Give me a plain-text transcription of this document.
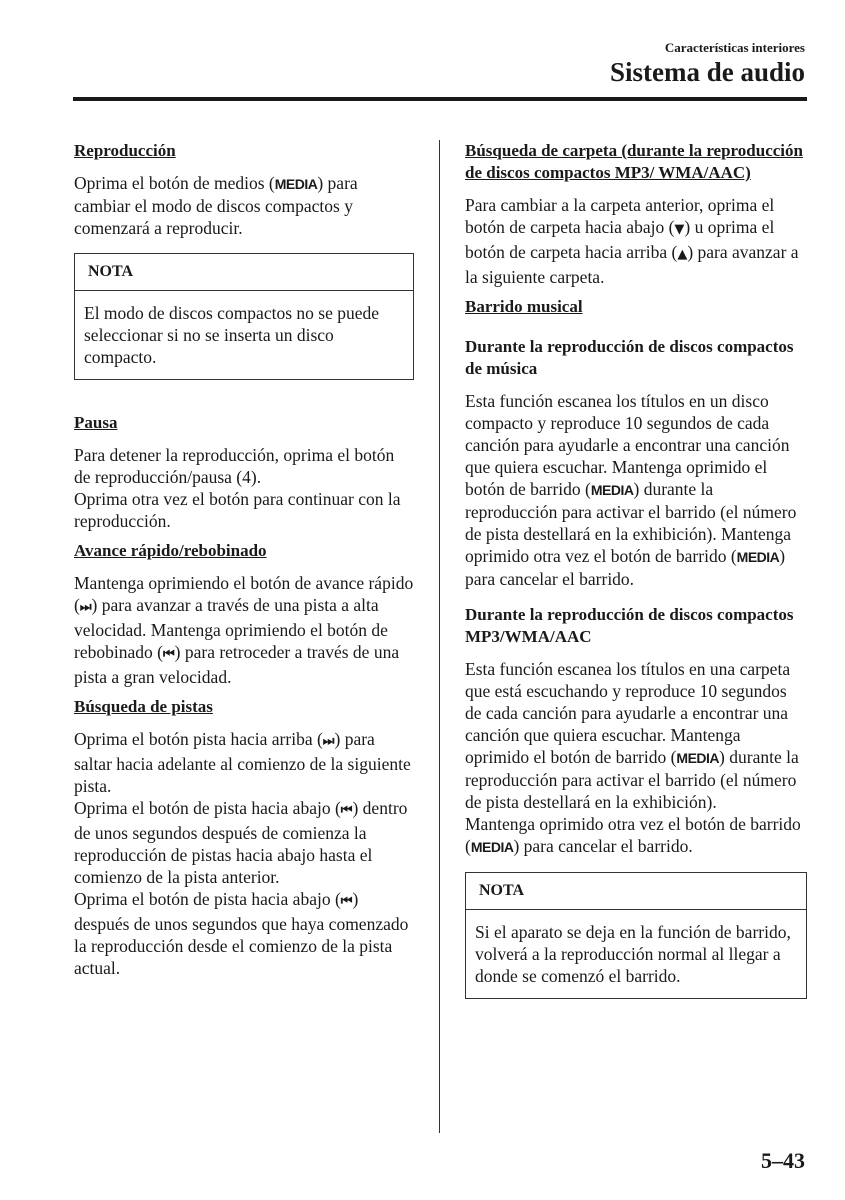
Características interiores
Sistema de audio
Reproducción

Oprima el botón de medios (MEDIA) para cambiar el modo de discos compactos y comenzará a reproducir.

NOTA
El modo de discos compactos no se puede seleccionar si no se inserta un disco compacto.
Pausa

Para detener la reproducción, oprima el botón de reproducción/pausa (4).

Oprima otra vez el botón para continuar con la reproducción.

Avance rápido/rebobinado

Mantenga oprimiendo el botón de avance rápido (⏭) para avanzar a través de una pista a alta velocidad. Mantenga oprimiendo el botón de rebobinado (⏮) para retroceder a través de una pista a gran velocidad.

Búsqueda de pistas

Oprima el botón pista hacia arriba (⏭) para saltar hacia adelante al comienzo de la siguiente pista.

Oprima el botón de pista hacia abajo (⏮) dentro de unos segundos después de comienza la reproducción de pistas hacia abajo hasta el comienzo de la pista anterior.

Oprima el botón de pista hacia abajo (⏮) después de unos segundos que haya comenzado la reproducción desde el comienzo de la pista actual.

Búsqueda de carpeta (durante la reproducción de discos compactos MP3/ WMA/AAC)

Para cambiar a la carpeta anterior, oprima el botón de carpeta hacia abajo (▼) u oprima el botón de carpeta hacia arriba (▲) para avanzar a la siguiente carpeta.

Barrido musical
Durante la reproducción de discos compactos de música

Esta función escanea los títulos en un disco compacto y reproduce 10 segundos de cada canción para ayudarle a encontrar una canción que quiera escuchar. Mantenga oprimido el botón de barrido (MEDIA) durante la reproducción para activar el barrido (el número de pista destellará en la exhibición). Mantenga oprimido otra vez el botón de barrido (MEDIA) para cancelar el barrido.

Durante la reproducción de discos compactos MP3/WMA/AAC

Esta función escanea los títulos en una carpeta que está escuchando y reproduce 10 segundos de cada canción para ayudarle a encontrar una canción que quiera escuchar. Mantenga oprimido el botón de barrido (MEDIA) durante la reproducción para activar el barrido (el número de pista destellará en la exhibición).

Mantenga oprimido otra vez el botón de barrido (MEDIA) para cancelar el barrido.

NOTA
Si el aparato se deja en la función de barrido, volverá a la reproducción normal al llegar a donde se comenzó el barrido.
5–43
